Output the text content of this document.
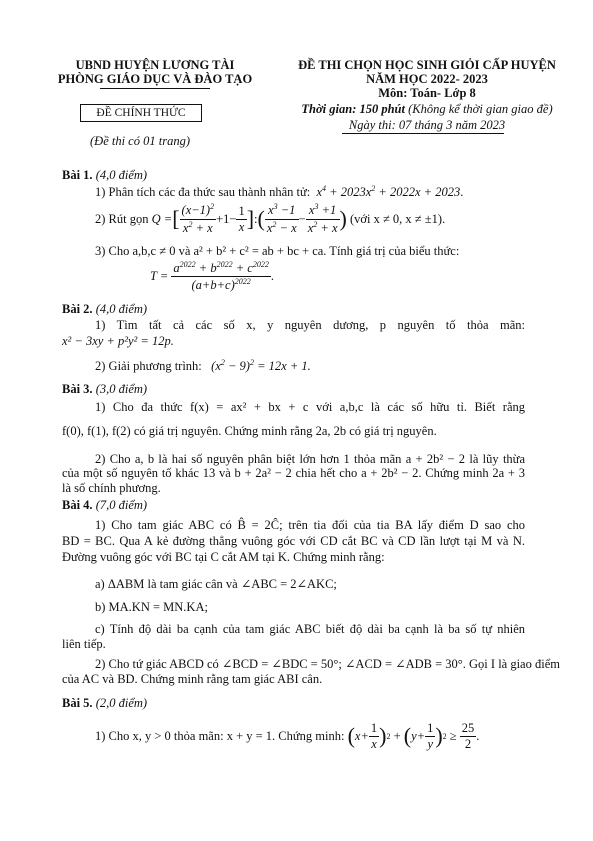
UBND HUYỆN LƯƠNG TÀI
PHÒNG GIÁO DỤC VÀ ĐÀO TẠO
ĐỀ CHÍNH THỨC
(Đề thi có 01 trang)
ĐỀ THI CHỌN HỌC SINH GIỎI CẤP HUYỆN
NĂM HỌC 2022- 2023
Môn: Toán- Lớp 8
Thời gian: 150 phút (Không kể thời gian giao đề)
Ngày thi: 07 tháng 3 năm 2023
Bài 1. (4,0 điểm)
1) Phân tích các đa thức sau thành nhân tử:  $x^4 + 2023x^2 + 2022x + 2023$.
2) Rút gọn Q = [ $\frac{(x-1)^2}{x^2 + x} +1- \frac{1}{x}$ ] : ( $\frac{x^3 -1}{x^2 - x} - \frac{x^3 +1}{x^2 + x}$ )
(với x ≠ 0, x ≠ ±1).
3) Cho a,b,c ≠ 0 và a² + b² + c² = ab + bc + ca. Tính giá trị của biểu thức:
$T = \frac{a^{2022} + b^{2022} + c^{2022}}{(a+b+c)^{2022}}$ .
Bài 2. (4,0 điểm)
1) Tìm tất cả các số x, y nguyên dương, p nguyên tố thỏa mãn:
x² − 3xy + p²y² = 12p.
2) Giải phương trình:   $(x^2 - 9)^2 = 12x + 1$.
Bài 3. (3,0 điểm)
1) Cho đa thức f(x) = ax² + bx + c với a,b,c là các số hữu tỉ. Biết rằng
f(0), f(1), f(2) có giá trị nguyên. Chứng minh rằng 2a, 2b có giá trị nguyên.
2) Cho a, b là hai số nguyên phân biệt lớn hơn 1 thỏa mãn a + 2b² − 2 là lũy thừa
của một số nguyên tố khác 13 và b + 2a² − 2 chia hết cho a + 2b² − 2. Chứng minh 2a + 3
là số chính phương.
Bài 4. (7,0 điểm)
1) Cho tam giác ABC có B̂ = 2Ĉ; trên tia đối của tia BA lấy điểm D sao cho
BD = BC. Qua A kẻ đường thẳng vuông góc với CD cắt BC và CD lần lượt tại M và N.
Đường vuông góc với BC tại C cắt AM tại K. Chứng minh rằng:
a) ΔABM là tam giác cân và ∠ABC = 2∠AKC;
b) MA.KN = MN.KA;
c) Tính độ dài ba cạnh của tam giác ABC biết độ dài ba cạnh là ba số tự nhiên
liên tiếp.
2) Cho tứ giác ABCD có ∠BCD = ∠BDC = 50°; ∠ACD = ∠ADB = 30°. Gọi I là giao điểm
của AC và BD. Chứng minh rằng tam giác ABI cân.
Bài 5. (2,0 điểm)
1) Cho x, y > 0 thỏa mãn: x + y = 1. Chứng minh:
( $x+ \frac{1}{x}$ ) 2 + ( $y+ \frac{1}{y}$ ) $2 \ge \frac{25}{2}$ .
